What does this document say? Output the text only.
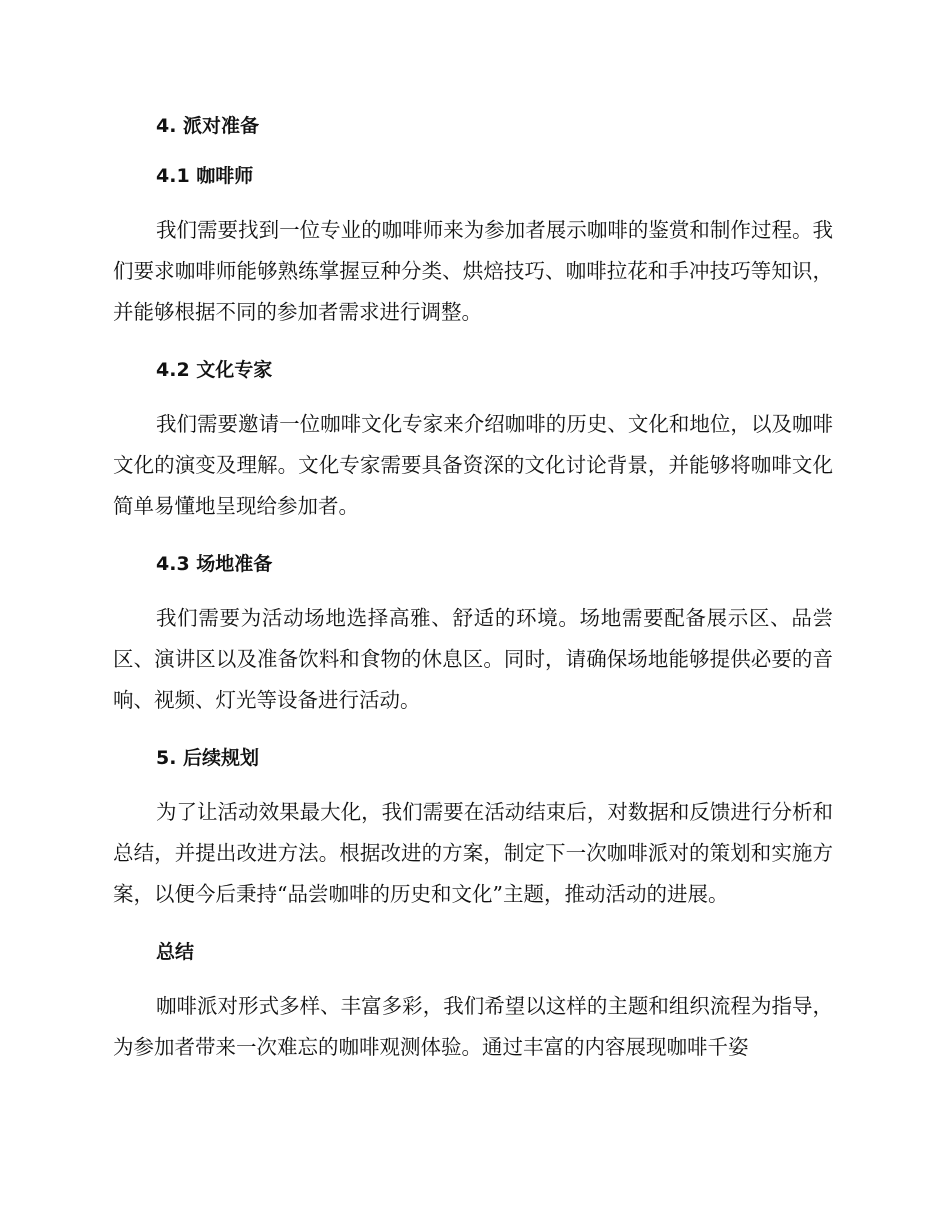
4. 派对准备
4.1 咖啡师

我们需要找到一位专业的咖啡师来为参加者展示咖啡的鉴赏和制作过程。我们要求咖啡师能够熟练掌握豆种分类、烘焙技巧、咖啡拉花和手冲技巧等知识，并能够根据不同的参加者需求进行调整。

4.2 文化专家

我们需要邀请一位咖啡文化专家来介绍咖啡的历史、文化和地位，以及咖啡文化的演变及理解。文化专家需要具备资深的文化讨论背景，并能够将咖啡文化简单易懂地呈现给参加者。

4.3 场地准备

我们需要为活动场地选择高雅、舒适的环境。场地需要配备展示区、品尝区、演讲区以及准备饮料和食物的休息区。同时，请确保场地能够提供必要的音响、视频、灯光等设备进行活动。

5. 后续规划

为了让活动效果最大化，我们需要在活动结束后，对数据和反馈进行分析和总结，并提出改进方法。根据改进的方案，制定下一次咖啡派对的策划和实施方案，以便今后秉持“品尝咖啡的历史和文化”主题，推动活动的进展。

总结

咖啡派对形式多样、丰富多彩，我们希望以这样的主题和组织流程为指导，为参加者带来一次难忘的咖啡观测体验。通过丰富的内容展现咖啡千姿
